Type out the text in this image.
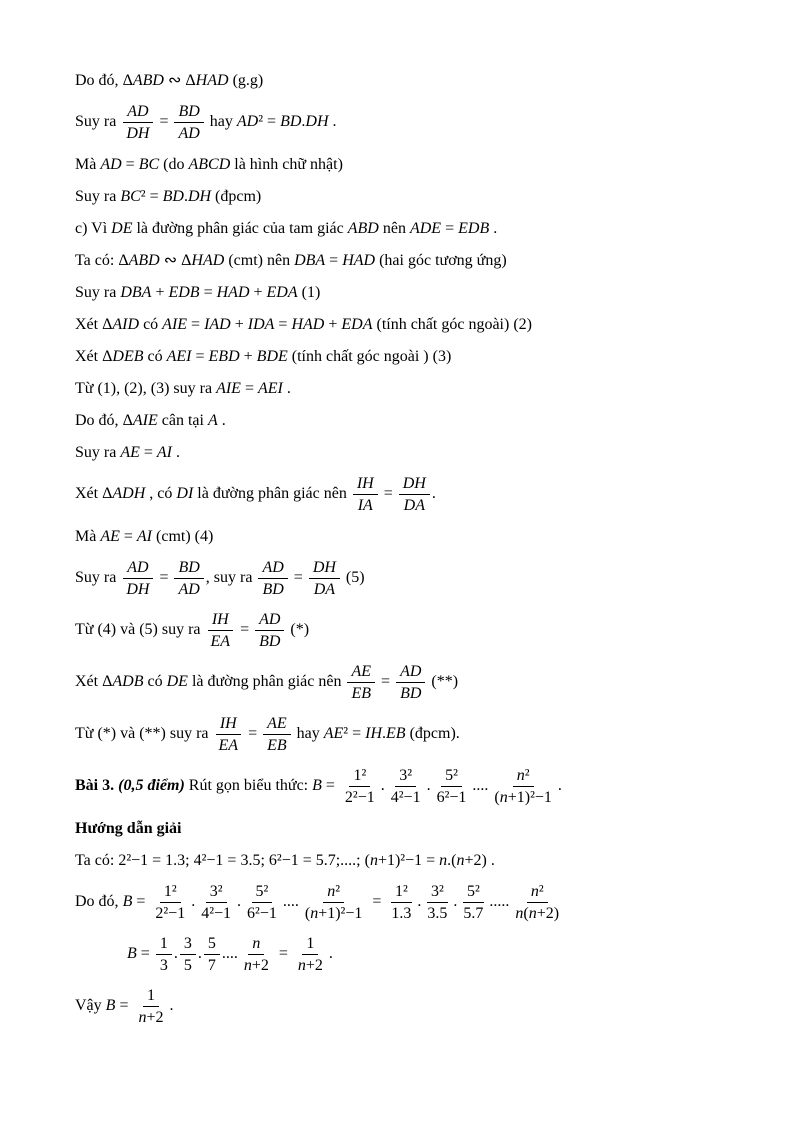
Do đó, ΔABD ∾ ΔHAD (g.g)

Suy ra $\frac{AD}{DH} = \frac{BD}{AD}$ hay AD² = BD.DH .

Mà AD = BC (do ABCD là hình chữ nhật)

Suy ra BC² = BD.DH (đpcm)

c) Vì DE là đường phân giác của tam giác ABD nên ADE = EDB .

Ta có: ΔABD ∾ ΔHAD (cmt) nên DBA = HAD (hai góc tương ứng)

Suy ra DBA + EDB = HAD + EDA (1)

Xét ΔAID có AIE = IAD + IDA = HAD + EDA (tính chất góc ngoài) (2)

Xét ΔDEB có AEI = EBD + BDE (tính chất góc ngoài ) (3)

Từ (1), (2), (3) suy ra AIE = AEI .

Do đó, ΔAIE cân tại A .

Suy ra AE = AI .

Xét ΔADH , có DI là đường phân giác nên $\frac{IH}{IA} = \frac{DH}{DA}$ .

Mà AE = AI (cmt) (4)

Suy ra $\frac{AD}{DH} = \frac{BD}{AD}$ , suy ra $\frac{AD}{BD} = \frac{DH}{DA} (5)$

Từ (4) và (5) suy ra $\frac{IH}{EA} = \frac{AD}{BD}$ (*)

Xét ΔADB có DE là đường phân giác nên $\frac{AE}{EB} = \frac{AD}{BD}$ (**)

Từ (*) và (**) suy ra $\frac{IH}{EA} = \frac{AE}{EB}$ hay AE² = IH.EB (đpcm).

Bài 3. (0,5 điểm) Rút gọn biểu thức: $B = \frac{\text{1²}}{\text{2²−1}}$ . $\frac{\text{3²}}{\text{4²−1}}$ . $\frac{\text{5²}}{\text{6²−1}}$ .... $\frac{\text{n²}}{\text{(n+1)²−1}}$ .

Hướng dẫn giải

Ta có: 2²−1 = 1.3; 4²−1 = 3.5; 6²−1 = 5.7;....; (n+1)²−1 = n.(n+2) .

Do đó, $B = \frac{\text{1²}}{\text{2²−1}}$ . $\frac{\text{3²}}{\text{4²−1}}$ . $\frac{\text{5²}}{\text{6²−1}}$ .... $\frac{\text{n²}}{\text{(n+1)²−1}} = \frac{\text{1²}}{1.3}$ . $\frac{\text{3²}}{3.5}$ . $\frac{\text{5²}}{5.7}$ ..... $\frac{\text{n²}}{n(n+2)}$

$B = \frac{1}{3}$ . $\frac{3}{5}$ . $\frac{5}{7}$ .... $\frac{n}{n+2} = \frac{1}{n+2}$ .

Vậy $B = \frac{1}{n+2}$ .
